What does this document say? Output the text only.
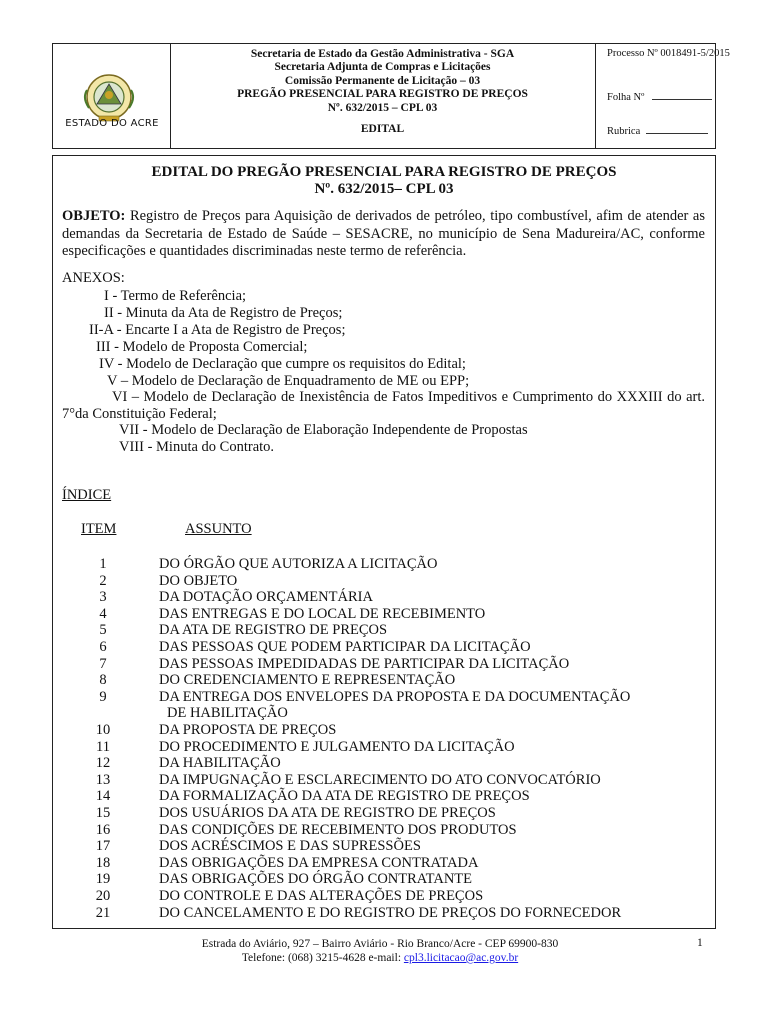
ESTADO DO ACRE
Secretaria de Estado da Gestão Administrativa - SGA
Secretaria Adjunta de Compras e Licitações
Comissão Permanente de Licitação – 03
PREGÃO PRESENCIAL PARA REGISTRO DE PREÇOS
Nº. 632/2015 – CPL 03
EDITAL
Processo Nº 0018491-5/2015
Folha Nº
Rubrica
EDITAL DO PREGÃO PRESENCIAL PARA REGISTRO DE PREÇOS
Nº. 632/2015– CPL 03
OBJETO: Registro de Preços para Aquisição de derivados de petróleo, tipo combustível, afim de atender as demandas da Secretaria de Estado de Saúde – SESACRE, no município de Sena Madureira/AC, conforme especificações e quantidades discriminadas neste termo de referência.
ANEXOS:
I - Termo de Referência;
II - Minuta da Ata de Registro de Preços;
II-A - Encarte I a Ata de Registro de Preços;
III - Modelo de Proposta Comercial;
IV - Modelo de Declaração que cumpre os requisitos do Edital;
V – Modelo de Declaração de Enquadramento de ME ou EPP;
VI – Modelo de Declaração de Inexistência de Fatos Impeditivos e Cumprimento do XXXIII do art. 7°da Constituição Federal;
VII - Modelo de Declaração de Elaboração Independente de Propostas
VIII - Minuta do Contrato.
ÍNDICE
ITEM	ASSUNTO
1	DO ÓRGÃO QUE AUTORIZA A LICITAÇÃO
2	DO OBJETO
3	DA DOTAÇÃO ORÇAMENTÁRIA
4	DAS ENTREGAS E DO LOCAL DE RECEBIMENTO
5	DA ATA DE REGISTRO DE PREÇOS
6	DAS PESSOAS QUE PODEM PARTICIPAR DA LICITAÇÃO
7	DAS PESSOAS IMPEDIDADAS DE PARTICIPAR DA LICITAÇÃO
8	DO CREDENCIAMENTO E REPRESENTAÇÃO
9	DA ENTREGA DOS ENVELOPES DA PROPOSTA E DA DOCUMENTAÇÃO
DE HABILITAÇÃO
10	DA PROPOSTA DE PREÇOS
11	DO PROCEDIMENTO E JULGAMENTO DA LICITAÇÃO
12	DA HABILITAÇÃO
13	DA IMPUGNAÇÃO E ESCLARECIMENTO DO ATO CONVOCATÓRIO
14	DA FORMALIZAÇÃO DA ATA DE REGISTRO DE PREÇOS
15	DOS USUÁRIOS DA ATA DE REGISTRO DE PREÇOS
16	DAS CONDIÇÕES DE RECEBIMENTO DOS PRODUTOS
17	DOS ACRÉSCIMOS E DAS SUPRESSÕES
18	DAS OBRIGAÇÕES DA EMPRESA CONTRATADA
19	DAS OBRIGAÇÕES DO ÓRGÃO CONTRATANTE
20	DO CONTROLE E DAS ALTERAÇÕES DE PREÇOS
21	DO CANCELAMENTO E DO REGISTRO DE PREÇOS DO FORNECEDOR
Estrada do Aviário, 927 – Bairro Aviário - Rio Branco/Acre - CEP 69900-830
Telefone: (068) 3215-4628 e-mail: cpl3.licitacao@ac.gov.br
1
